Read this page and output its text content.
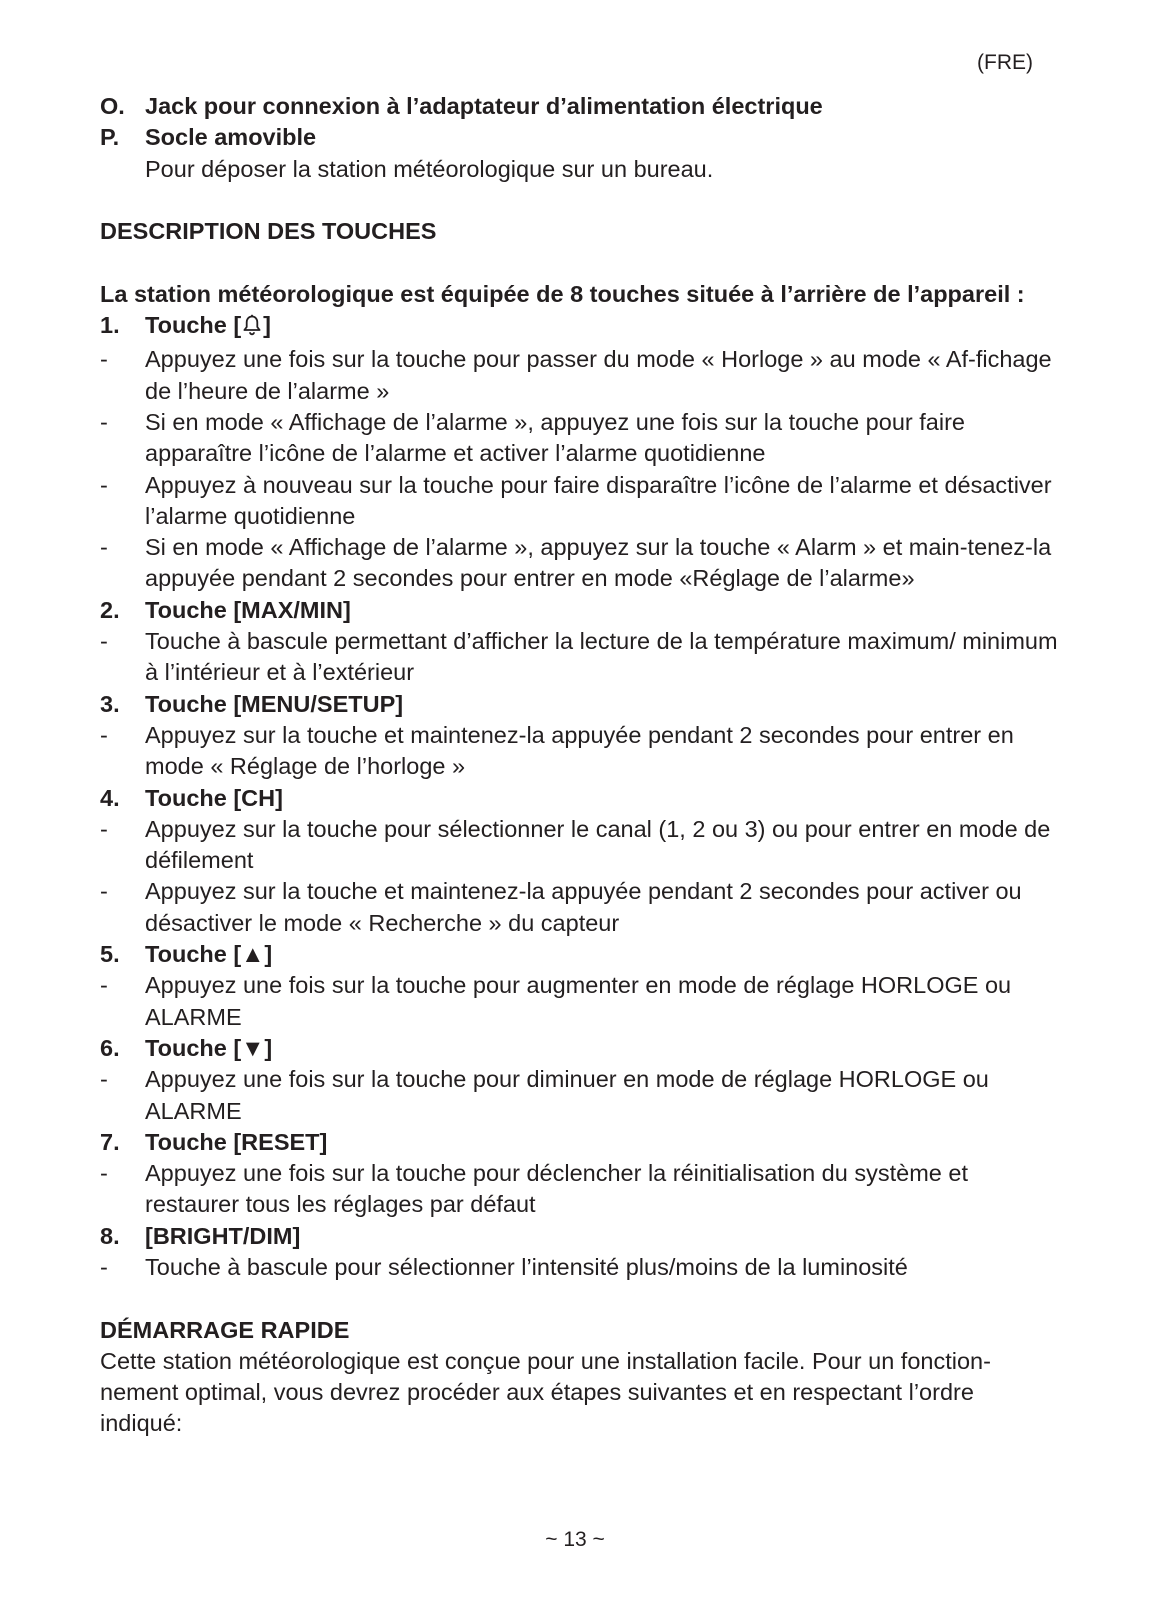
(FRE)
O. Jack pour connexion à l’adaptateur d’alimentation électrique
P.	Socle amovible
Pour déposer la station météorologique sur un bureau.
DESCRIPTION DES TOUCHES
La station météorologique est équipée de 8 touches située à l’arrière de l’appareil :
1.	Touche [ ]
-	Appuyez une fois sur la touche pour passer du mode « Horloge » au mode « Af-fichage de l’heure de l’alarme »
-	Si en mode « Affichage de l’alarme », appuyez une fois sur la touche pour faire apparaître l’icône de l’alarme et activer l’alarme quotidienne
-	Appuyez à nouveau sur la touche pour faire disparaître l’icône de l’alarme et désactiver l’alarme quotidienne
-	Si en mode « Affichage de l’alarme », appuyez sur la touche « Alarm » et main-tenez-la appuyée pendant 2 secondes pour entrer en mode «Réglage de l’alarme»
2.	Touche [MAX/MIN]
-	Touche à bascule permettant d’afficher la lecture de la température maximum/ minimum à l’intérieur et à l’extérieur
3.	Touche [MENU/SETUP]
-	Appuyez sur la touche et maintenez-la appuyée pendant 2 secondes pour entrer en mode « Réglage de l’horloge »
4.	Touche [CH]
-	Appuyez sur la touche pour sélectionner le canal (1, 2 ou 3) ou pour entrer en mode de défilement
-	Appuyez sur la touche et maintenez-la appuyée pendant 2 secondes pour activer ou désactiver le mode « Recherche » du capteur
5.	Touche [▲]
-	Appuyez une fois sur la touche pour augmenter en mode de réglage HORLOGE ou ALARME
6.	Touche [▼]
-	Appuyez une fois sur la touche pour diminuer en mode de réglage HORLOGE ou ALARME
7.	Touche [RESET]
-	Appuyez une fois sur la touche pour déclencher la réinitialisation du système et restaurer tous les réglages par défaut
8.	[BRIGHT/DIM]
-	Touche à bascule pour sélectionner l’intensité plus/moins de la luminosité
DÉMARRAGE RAPIDE
Cette station météorologique est conçue pour une installation facile. Pour un fonction-nement optimal, vous devrez procéder aux étapes suivantes et en respectant l’ordre indiqué:
~ 13 ~
